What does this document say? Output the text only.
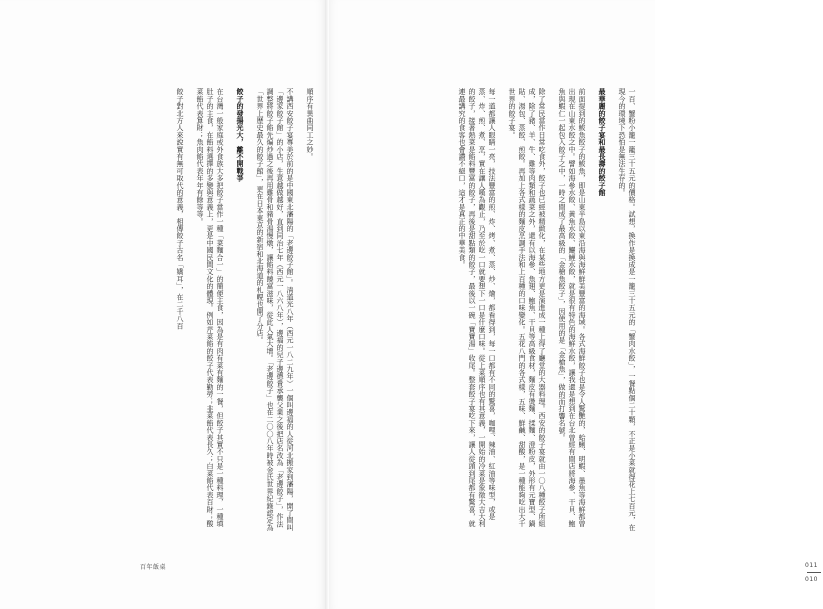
順序有異曲同工之妙。

不講西安餃子宴專美於前的是中國東北瀋陽的「老邊餃子館」。清道光八年（西元一八二九年）一個叫邊福的人從河北搬家到瀋陽，開了間叫「邊家餃子館」的小店，生意越做越好，直到同治七年（西元一八六八年），邊福的兒子邊德貴承襲父業之後把店名改為「老邊餃子」，作法調整將餃子餡先煸炒過之後再用雞骨和豬骨湯慢燉，讓餡料饒富滋味，從此人氣大增。「老邊餃子」也在二〇〇八年時被金氏世界紀錄認定為「世界上歷史最久的餃子館」，更在日本東京的新宿和北海道的札幌也開了分店。

餃子的發揚光大，離不開戰爭

在台灣一般家庭或外食族大多把餃子當作一種「菜麵合一」的簡便主食，因為是有肉有菜有麵的一餐，但餃子其實不只是一種料理，一種填肚子的主食，在餡料選擇的多變與意義上，更是中國民間文化的體現。例如芹菜餡的餃子代表勤勞；韭菜餡代表長久；白菜餡代表百財；酸菜餡代表算財；魚肉餡代表年年有餘等等。

餃子對北方人來說實有無可取代的意義，相傳餃子古名「嬌耳」，在二千八百

百年飯桌

一百、蟹粉小籠一籠三十五元的價格。試想，換作是換成是一籠三十五元的「蟹肉水餃」，一餐點個二十顆，不正是小菜就得花上七百元，在現今的環境下恐怕是無法生存的。

最華麗的餃子宴和最長壽的餃子館

前面提到的鮁魚餃子的鮁魚，即是山東半島以東沿海與海鮮鮮美豐富的海域。各式海鮮餃子也是令人驚艷的，蛤蜊、明蝦、墨魚等海鮮都曾出現在山東水餃之中。譬如海參水餃、黃魚水餃、鱺鯉水餃，就是很有特色的海鮮水餃，讓我還是想到在台北曾經有間店將海參、干貝、鮑魚與蝦仁一起包入餃子之中，一時之間成了最高級的「金槍魚餃子」，因使用的是「金槍魚」，做的而打響名號。

除了常民當作日常吃食外，餃子也已經被精緻化，在某些地方更是演進成一種上得了廳堂的大器料理。西安的餃子宴就由一〇八種餃子所組成，除了豬、羊、牛、雞等肉類和蔬菜之外，還有以海參、魚翅、鮑魚、干貝等高級食材，麵皮有燙麵、揉麵、澄粉皮，外形有元寶型、鍋貼、湯包、蒸餃、煎餃。再加上各式樣的麵皮烹調手法和上百種的口味變化。五花八門的各式樣，五味、鮮鹹、甜酸，是一種能夠吃出大千世界的餃子宴。

每一道都讓人眼睛一亮，技法豐富的煎、炸、烤、煮、蒸、炒、燴，都看得到，每一口都有不同的驚喜，咖哩、辣油、紅油等味型，或是蒸、炸、煎、煮、烹，實在讓人嘆為觀止，乃至於吃一口就要想下一口是什麼口味。從上菜順序也有其意義，一開始的冷菜是象徵大吉大利的餃子，接著熱菜是餡料豐富的餃子，再後是甜點類的餃子，最後以一碗「寶寶湯」收尾。整套餃子宴吃下來，讓人從頭到尾都有驚喜，就連最講究的食客也會讚不絕口，這才是真正的中華美食。

011010
